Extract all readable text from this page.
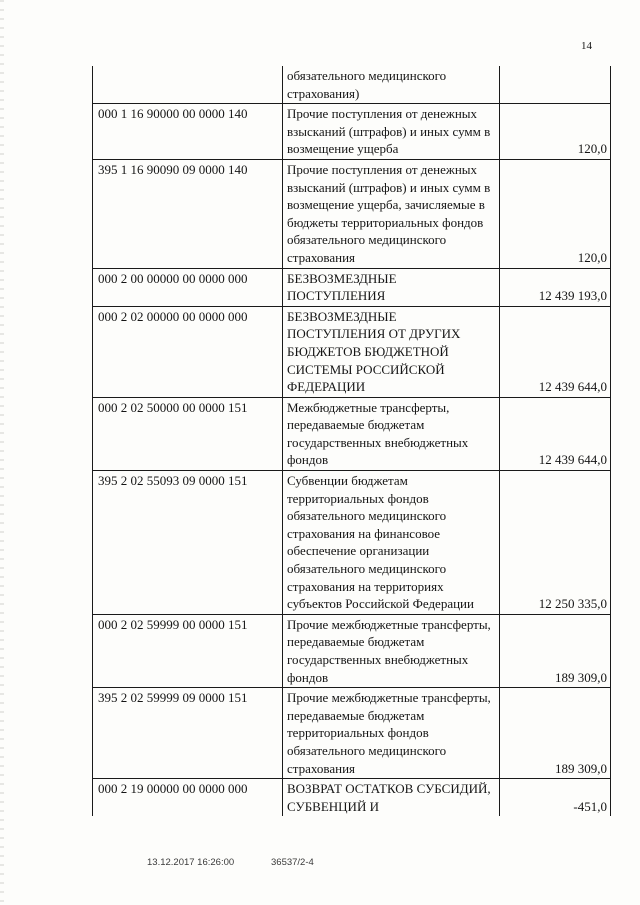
14
	обязательного медицинского страхования)	
000 1 16 90000 00 0000 140	Прочие поступления от денежных взысканий (штрафов) и иных сумм в возмещение ущерба	120,0
395 1 16 90090 09 0000 140	Прочие поступления от денежных взысканий (штрафов) и иных сумм в возмещение ущерба, зачисляемые в бюджеты территориальных фондов обязательного медицинского страхования	120,0
000 2 00 00000 00 0000 000	БЕЗВОЗМЕЗДНЫЕ ПОСТУПЛЕНИЯ	12 439 193,0
000 2 02 00000 00 0000 000	БЕЗВОЗМЕЗДНЫЕ ПОСТУПЛЕНИЯ ОТ ДРУГИХ БЮДЖЕТОВ БЮДЖЕТНОЙ СИСТЕМЫ РОССИЙСКОЙ ФЕДЕРАЦИИ	12 439 644,0
000 2 02 50000 00 0000 151	Межбюджетные трансферты, передаваемые бюджетам государственных внебюджетных фондов	12 439 644,0
395 2 02 55093 09 0000 151	Субвенции бюджетам территориальных фондов обязательного медицинского страхования на финансовое обеспечение организации обязательного медицинского страхования на территориях субъектов Российской Федерации	12 250 335,0
000 2 02 59999 00 0000 151	Прочие межбюджетные трансферты, передаваемые бюджетам государственных внебюджетных фондов	189 309,0
395 2 02 59999 09 0000 151	Прочие межбюджетные трансферты, передаваемые бюджетам территориальных фондов обязательного медицинского страхования	189 309,0
000 2 19 00000 00 0000 000	ВОЗВРАТ ОСТАТКОВ СУБСИДИЙ, СУБВЕНЦИЙ И	-451,0
13.12.2017 16:26:00	36537/2-4
